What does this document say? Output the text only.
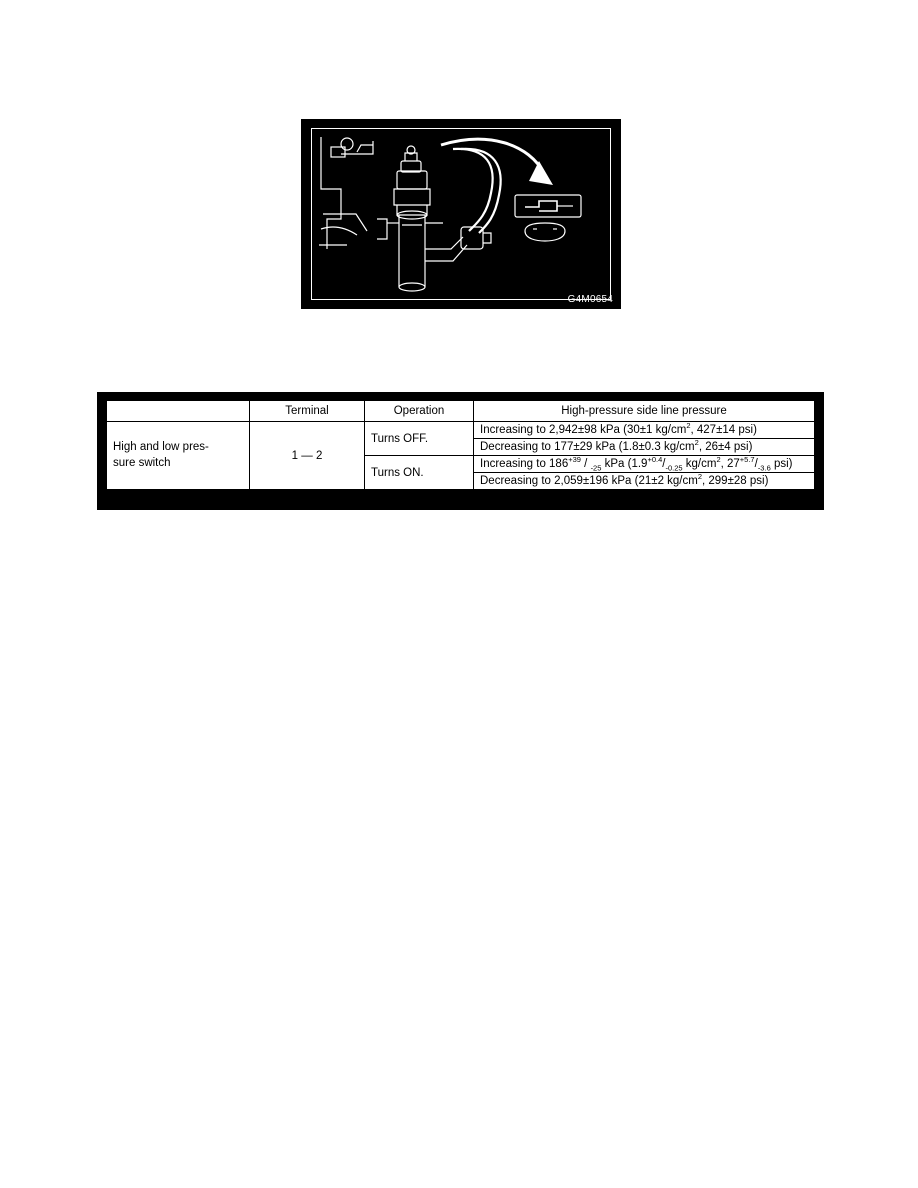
G4M0654
	Terminal	Operation	High-pressure side line pressure
High and low pres-
sure switch	1 — 2	Turns OFF.	Increasing to 2,942±98 kPa (30±1 $kg/cm^2$, 427±14 psi)
			Decreasing to 177±29 kPa (1.8±0.3 $kg/cm^2$, 26±4 psi)
		Turns ON.	Increasing to $186^{+39} / _{-25}$ kPa ($1.9^{+0.4}/_{-0.25}$ $kg/cm^2$, $27^{+5.7}/_{-3.6}$ psi)
			Decreasing to 2,059±196 kPa (21±2 $kg/cm^2$, 299±28 psi)
